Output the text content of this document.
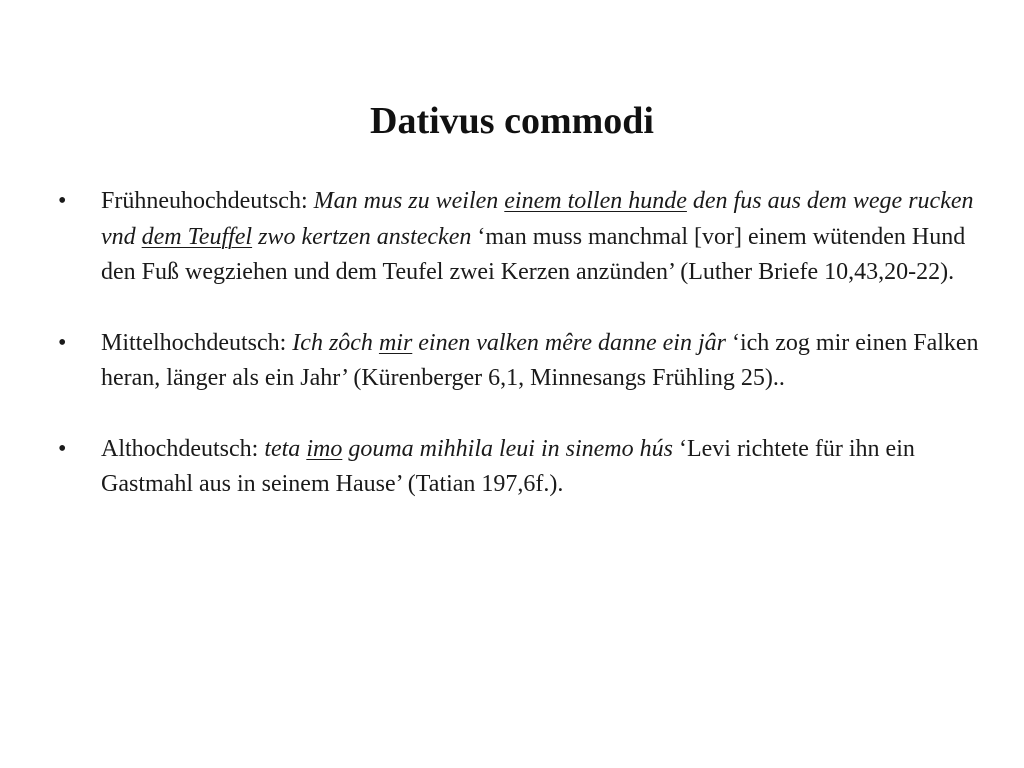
Dativus commodi
•	Frühneuhochdeutsch: Man mus zu weilen einem tollen hunde den fus aus dem wege rucken vnd dem Teuffel zwo kertzen anstecken ‘man muss manchmal [vor] einem wütenden Hund den Fuß wegziehen und dem Teufel zwei Kerzen anzünden’ (Luther Briefe 10,43,20-22).
•	Mittelhochdeutsch: Ich zôch mir einen valken mêre danne ein jâr ‘ich zog mir einen Falken heran, länger als ein Jahr’ (Kürenberger 6,1, Minnesangs Frühling 25)..
•	Althochdeutsch: teta imo gouma mihhila leui in sinemo hús ‘Levi richtete für ihn ein Gastmahl aus in seinem Hause’ (Tatian 197,6f.).
